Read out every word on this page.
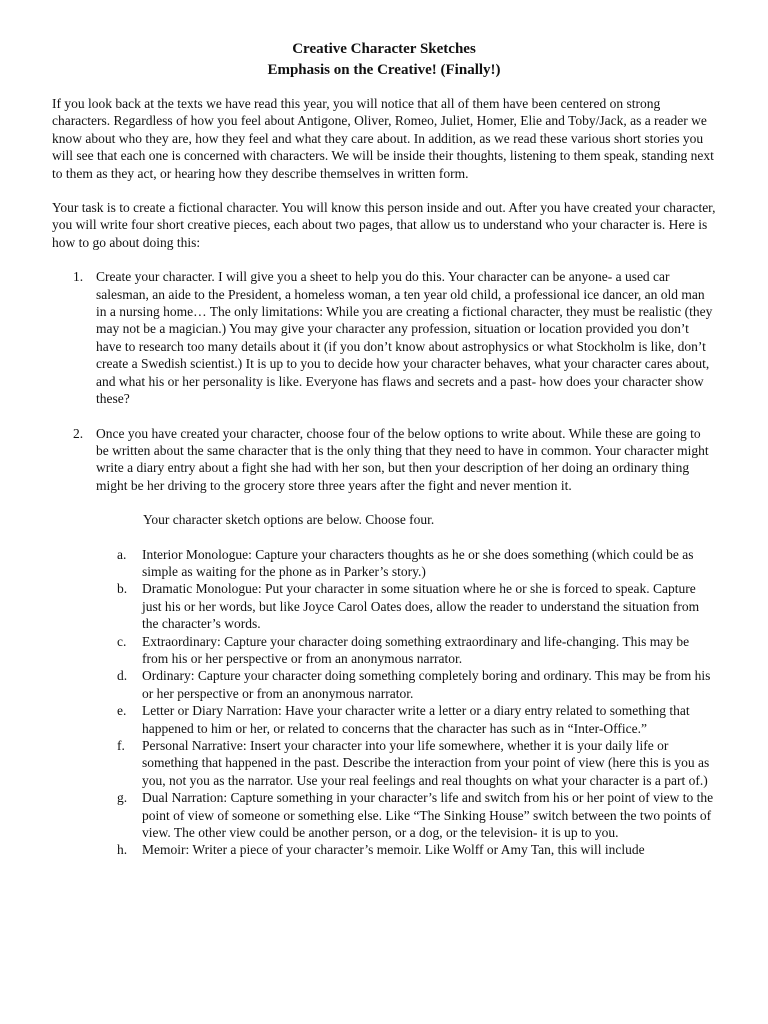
Creative Character Sketches
Emphasis on the Creative! (Finally!)

If you look back at the texts we have read this year, you will notice that all of them have been centered on strong characters. Regardless of how you feel about Antigone, Oliver, Romeo, Juliet, Homer, Elie and Toby/Jack, as a reader we know about who they are, how they feel and what they care about. In addition, as we read these various short stories you will see that each one is concerned with characters. We will be inside their thoughts, listening to them speak, standing next to them as they act, or hearing how they describe themselves in written form.

Your task is to create a fictional character. You will know this person inside and out. After you have created your character, you will write four short creative pieces, each about two pages, that allow us to understand who your character is. Here is how to go about doing this:

1. Create your character. I will give you a sheet to help you do this. Your character can be anyone- a used car salesman, an aide to the President, a homeless woman, a ten year old child, a professional ice dancer, an old man in a nursing home… The only limitations: While you are creating a fictional character, they must be realistic (they may not be a magician.) You may give your character any profession, situation or location provided you don’t have to research too many details about it (if you don’t know about astrophysics or what Stockholm is like, don’t create a Swedish scientist.) It is up to you to decide how your character behaves, what your character cares about, and what his or her personality is like. Everyone has flaws and secrets and a past- how does your character show these?
2. Once you have created your character, choose four of the below options to write about. While these are going to be written about the same character that is the only thing that they need to have in common. Your character might write a diary entry about a fight she had with her son, but then your description of her doing an ordinary thing might be her driving to the grocery store three years after the fight and never mention it.
Your character sketch options are below. Choose four.
a. Interior Monologue: Capture your characters thoughts as he or she does something (which could be as simple as waiting for the phone as in Parker’s story.)
b. Dramatic Monologue: Put your character in some situation where he or she is forced to speak. Capture just his or her words, but like Joyce Carol Oates does, allow the reader to understand the situation from the character’s words.
c. Extraordinary: Capture your character doing something extraordinary and life-changing. This may be from his or her perspective or from an anonymous narrator.
d. Ordinary: Capture your character doing something completely boring and ordinary. This may be from his or her perspective or from an anonymous narrator.
e. Letter or Diary Narration: Have your character write a letter or a diary entry related to something that happened to him or her, or related to concerns that the character has such as in “Inter-Office.”
f. Personal Narrative: Insert your character into your life somewhere, whether it is your daily life or something that happened in the past. Describe the interaction from your point of view (here this is you as you, not you as the narrator. Use your real feelings and real thoughts on what your character is a part of.)
g. Dual Narration: Capture something in your character’s life and switch from his or her point of view to the point of view of someone or something else. Like “The Sinking House” switch between the two points of view. The other view could be another person, or a dog, or the television- it is up to you.
h. Memoir: Writer a piece of your character’s memoir. Like Wolff or Amy Tan, this will include
